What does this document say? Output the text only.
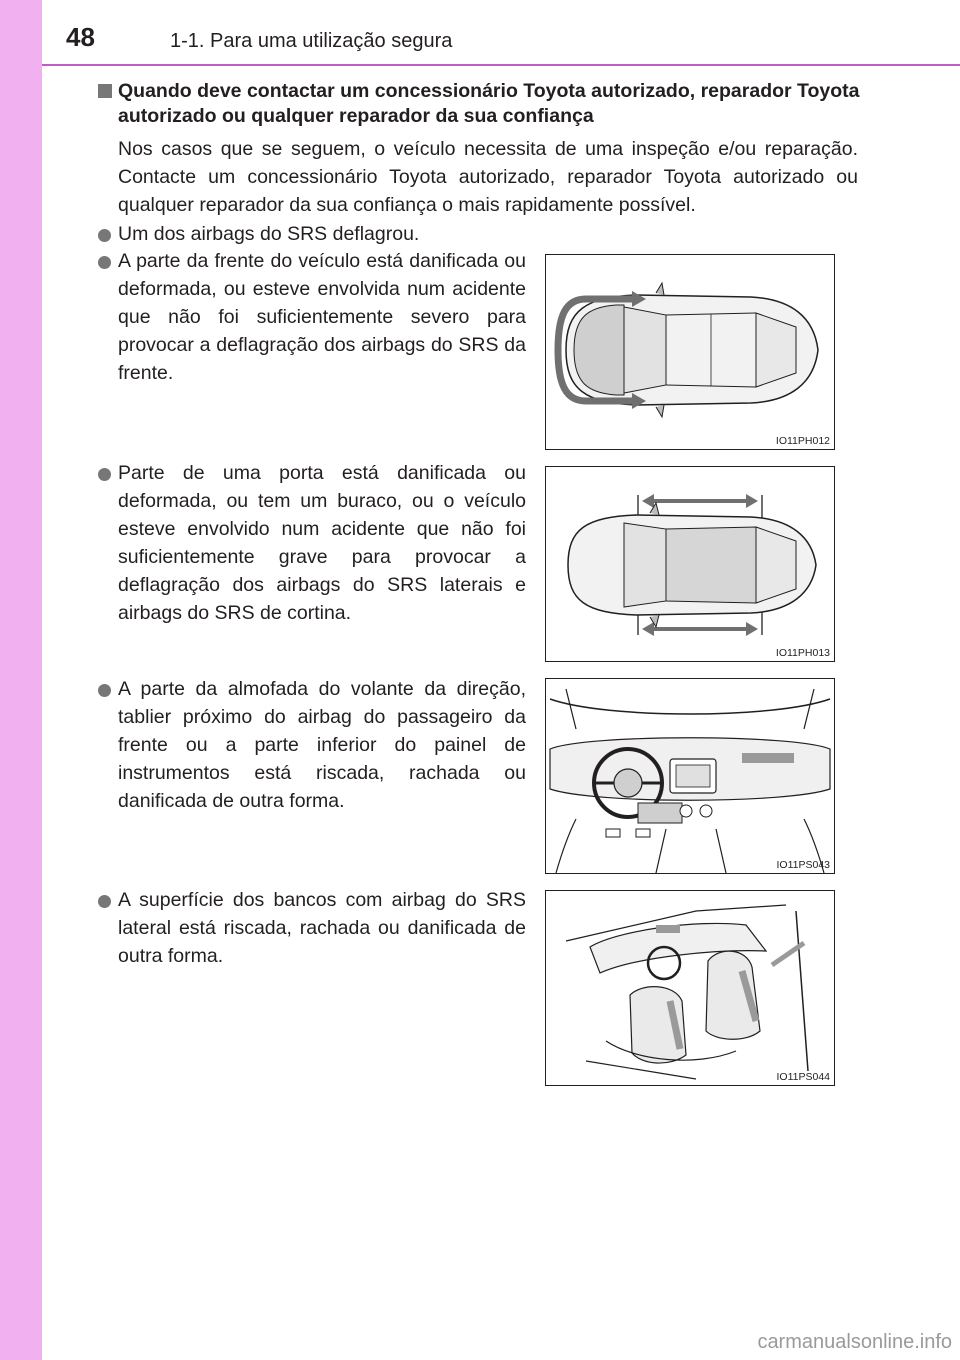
48	1-1. Para uma utilização segura
Quando deve contactar um concessionário Toyota autorizado, reparador Toyota autorizado ou qualquer reparador da sua confiança
Nos casos que se seguem, o veículo necessita de uma inspeção e/ou reparação. Contacte um concessionário Toyota autorizado, reparador Toyota autorizado ou qualquer reparador da sua confiança o mais rapidamente possível.
Um dos airbags do SRS deflagrou.
A parte da frente do veículo está danificada ou deformada, ou esteve envolvida num acidente que não foi suficientemente severo para provocar a deflagração dos airbags do SRS da frente.
Parte de uma porta está danificada ou deformada, ou tem um buraco, ou o veículo esteve envolvido num acidente que não foi suficientemente grave para provocar a deflagração dos airbags do SRS laterais e airbags do SRS de cortina.
A parte da almofada do volante da direção, tablier próximo do airbag do passageiro da frente ou a parte inferior do painel de instrumentos está riscada, rachada ou danificada de outra forma.
A superfície dos bancos com airbag do SRS lateral está riscada, rachada ou danificada de outra forma.
IO11PH012
IO11PH013
IO11PS043
IO11PS044
carmanualsonline.info
